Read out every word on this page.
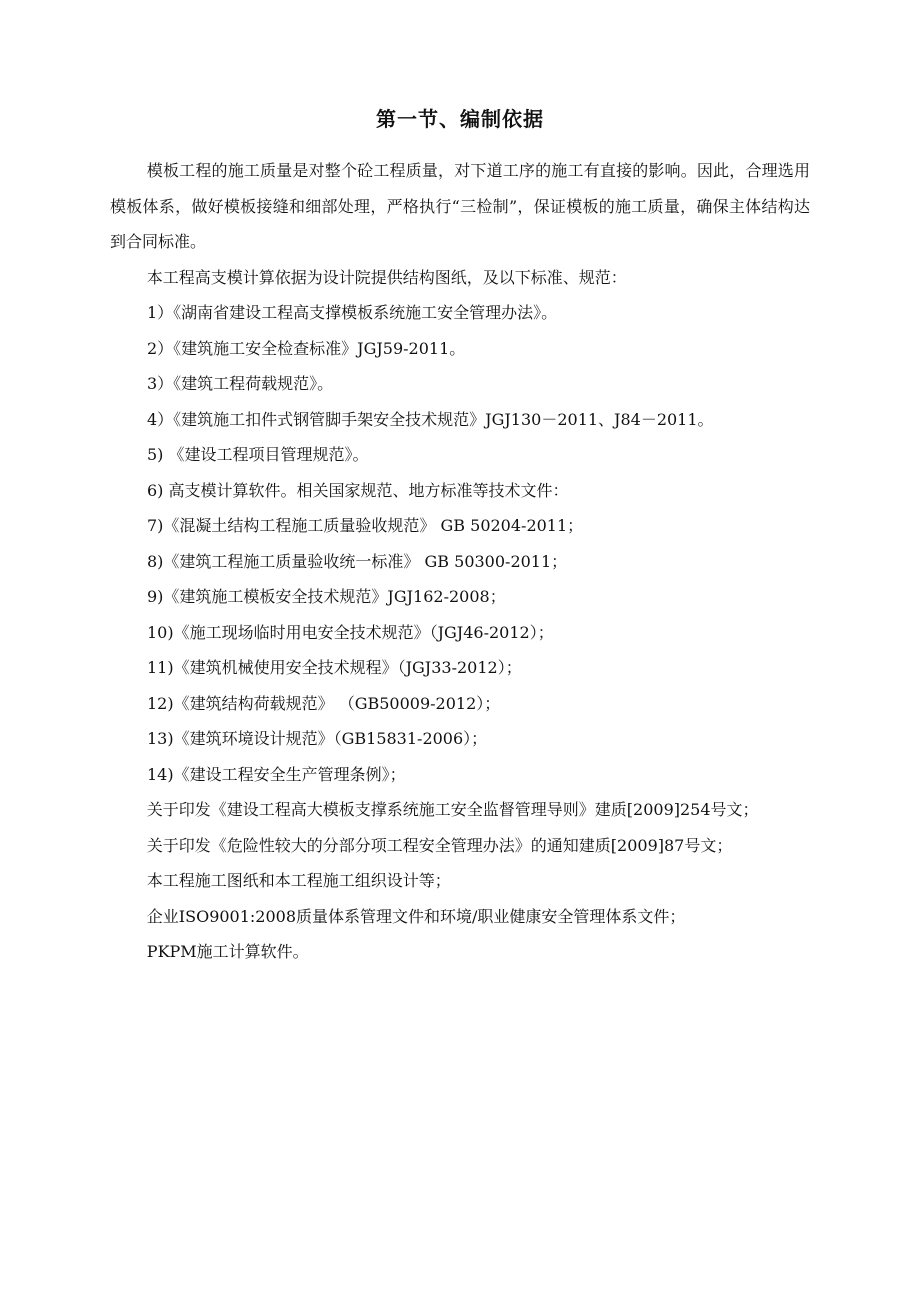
第一节、编制依据

模板工程的施工质量是对整个砼工程质量，对下道工序的施工有直接的影响。因此，合理选用模板体系，做好模板接缝和细部处理，严格执行“三检制”，保证模板的施工质量，确保主体结构达到合同标准。

本工程高支模计算依据为设计院提供结构图纸，及以下标准、规范：

1）《湖南省建设工程高支撑模板系统施工安全管理办法》。

2）《建筑施工安全检查标准》JGJ59-2011。

3）《建筑工程荷载规范》。

4）《建筑施工扣件式钢管脚手架安全技术规范》JGJ130－2011、J84－2011。

5) 《建设工程项目管理规范》。

6) 高支模计算软件。相关国家规范、地方标准等技术文件：

7)《混凝土结构工程施工质量验收规范》 GB 50204-2011；

8)《建筑工程施工质量验收统一标准》 GB 50300-2011；

9)《建筑施工模板安全技术规范》JGJ162-2008；

10)《施工现场临时用电安全技术规范》（JGJ46-2012）；

11)《建筑机械使用安全技术规程》（JGJ33-2012）；

12)《建筑结构荷载规范》 （GB50009-2012）；

13)《建筑环境设计规范》（GB15831-2006）；

14)《建设工程安全生产管理条例》；

关于印发《建设工程高大模板支撑系统施工安全监督管理导则》建质[2009]254号文；

关于印发《危险性较大的分部分项工程安全管理办法》的通知建质[2009]87号文；

本工程施工图纸和本工程施工组织设计等；

企业ISO9001:2008质量体系管理文件和环境/职业健康安全管理体系文件；

PKPM施工计算软件。
